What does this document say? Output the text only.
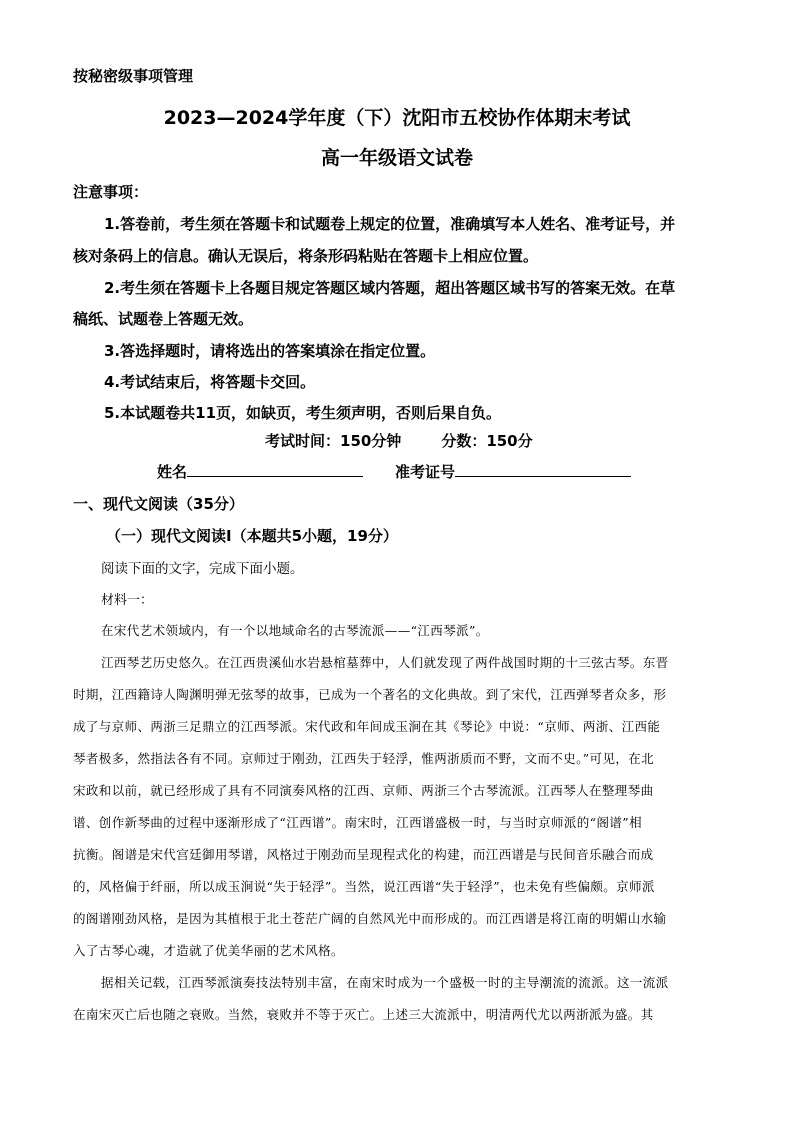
按秘密级事项管理
2023—2024学年度（下）沈阳市五校协作体期末考试
高一年级语文试卷
注意事项：
1.答卷前，考生须在答题卡和试题卷上规定的位置，准确填写本人姓名、准考证号，并
核对条码上的信息。确认无误后，将条形码粘贴在答题卡上相应位置。
2.考生须在答题卡上各题目规定答题区域内答题，超出答题区域书写的答案无效。在草
稿纸、试题卷上答题无效。
3.答选择题时，请将选出的答案填涂在指定位置。
4.考试结束后，将答题卡交回。
5.本试题卷共11页，如缺页，考生须声明，否则后果自负。
考试时间：150分钟	分数：150分
姓名	准考证号
一、现代文阅读（35分）
（一）现代文阅读Ⅰ（本题共5小题，19分）
阅读下面的文字，完成下面小题。
材料一：
在宋代艺术领域内，有一个以地域命名的古琴流派——“江西琴派”。
江西琴艺历史悠久。在江西贵溪仙水岩悬棺墓葬中，人们就发现了两件战国时期的十三弦古琴。东晋
时期，江西籍诗人陶渊明弹无弦琴的故事，已成为一个著名的文化典故。到了宋代，江西弹琴者众多，形
成了与京师、两浙三足鼎立的江西琴派。宋代政和年间成玉涧在其《琴论》中说：“京师、两浙、江西能
琴者极多，然指法各有不同。京师过于刚劲，江西失于轻浮，惟两浙质而不野，文而不史。”可见，在北
宋政和以前，就已经形成了具有不同演奏风格的江西、京师、两浙三个古琴流派。江西琴人在整理琴曲
谱、创作新琴曲的过程中逐渐形成了“江西谱”。南宋时，江西谱盛极一时，与当时京师派的“阁谱”相
抗衡。阁谱是宋代宫廷御用琴谱，风格过于刚劲而呈现程式化的构建，而江西谱是与民间音乐融合而成
的，风格偏于纤丽，所以成玉涧说“失于轻浮”。当然，说江西谱“失于轻浮”，也未免有些偏颇。京师派
的阁谱刚劲风格，是因为其植根于北土苍茫广阔的自然风光中而形成的。而江西谱是将江南的明媚山水输
入了古琴心魂，才造就了优美华丽的艺术风格。
据相关记载，江西琴派演奏技法特别丰富，在南宋时成为一个盛极一时的主导潮流的流派。这一流派
在南宋灭亡后也随之衰败。当然，衰败并不等于灭亡。上述三大流派中，明清两代尤以两浙派为盛。其
